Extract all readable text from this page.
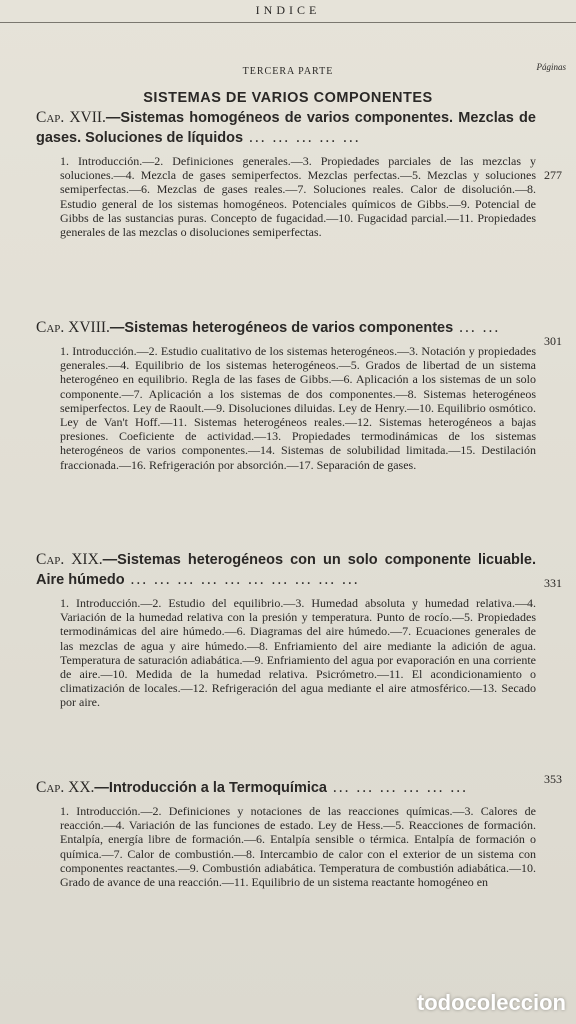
INDICE
TERCERA PARTE	Páginas
SISTEMAS DE VARIOS COMPONENTES

Cap. XVII.—Sistemas homogéneos de varios componentes. Mezclas de gases. Soluciones de líquidos ... ... ... ... ...

1. Introducción.—2. Definiciones generales.—3. Propiedades parciales de las mezclas y soluciones.—4. Mezcla de gases semiperfectos. Mezclas perfectas.—5. Mezclas y soluciones semiperfectas.—6. Mezclas de gases reales.—7. Soluciones reales. Calor de disolución.—8. Estudio general de los sistemas homogéneos. Potenciales químicos de Gibbs.—9. Potencial de Gibbs de las sustancias puras. Concepto de fugacidad.—10. Fugacidad parcial.—11. Propiedades generales de las mezclas o disoluciones semiperfectas.

277

Cap. XVIII.—Sistemas heterogéneos de varios componentes ... ...

1. Introducción.—2. Estudio cualitativo de los sistemas heterogéneos.—3. Notación y propiedades generales.—4. Equilibrio de los sistemas heterogéneos.—5. Grados de libertad de un sistema heterogéneo en equilibrio. Regla de las fases de Gibbs.—6. Aplicación a los sistemas de un solo componente.—7. Aplicación a los sistemas de dos componentes.—8. Sistemas heterogéneos semiperfectos. Ley de Raoult.—9. Disoluciones diluidas. Ley de Henry.—10. Equilibrio osmótico. Ley de Van't Hoff.—11. Sistemas heterogéneos reales.—12. Sistemas heterogéneos a bajas presiones. Coeficiente de actividad.—13. Propiedades termodinámicas de los sistemas heterogéneos de varios componentes.—14. Sistemas de solubilidad limitada.—15. Destilación fraccionada.—16. Refrigeración por absorción.—17. Separación de gases.

301

Cap. XIX.—Sistemas heterogéneos con un solo componente licuable. Aire húmedo ... ... ... ... ... ... ... ... ... ...

1. Introducción.—2. Estudio del equilibrio.—3. Humedad absoluta y humedad relativa.—4. Variación de la humedad relativa con la presión y temperatura. Punto de rocío.—5. Propiedades termodinámicas del aire húmedo.—6. Diagramas del aire húmedo.—7. Ecuaciones generales de las mezclas de agua y aire húmedo.—8. Enfriamiento del aire mediante la adición de agua. Temperatura de saturación adiabática.—9. Enfriamiento del agua por evaporación en una corriente de aire.—10. Medida de la humedad relativa. Psicrómetro.—11. El acondicionamiento o climatización de locales.—12. Refrigeración del agua mediante el aire atmosférico.—13. Secado por aire.

331

Cap. XX.—Introducción a la Termoquímica ... ... ... ... ... ...

1. Introducción.—2. Definiciones y notaciones de las reacciones químicas.—3. Calores de reacción.—4. Variación de las funciones de estado. Ley de Hess.—5. Reacciones de formación. Entalpía, energía libre de formación.—6. Entalpía sensible o térmica. Entalpía de formación o química.—7. Calor de combustión.—8. Intercambio de calor con el exterior de un sistema con componentes reactantes.—9. Combustión adiabática. Temperatura de combustión adiabática.—10. Grado de avance de una reacción.—11. Equilibrio de un sistema reactante homogéneo en

353
todocoleccion
